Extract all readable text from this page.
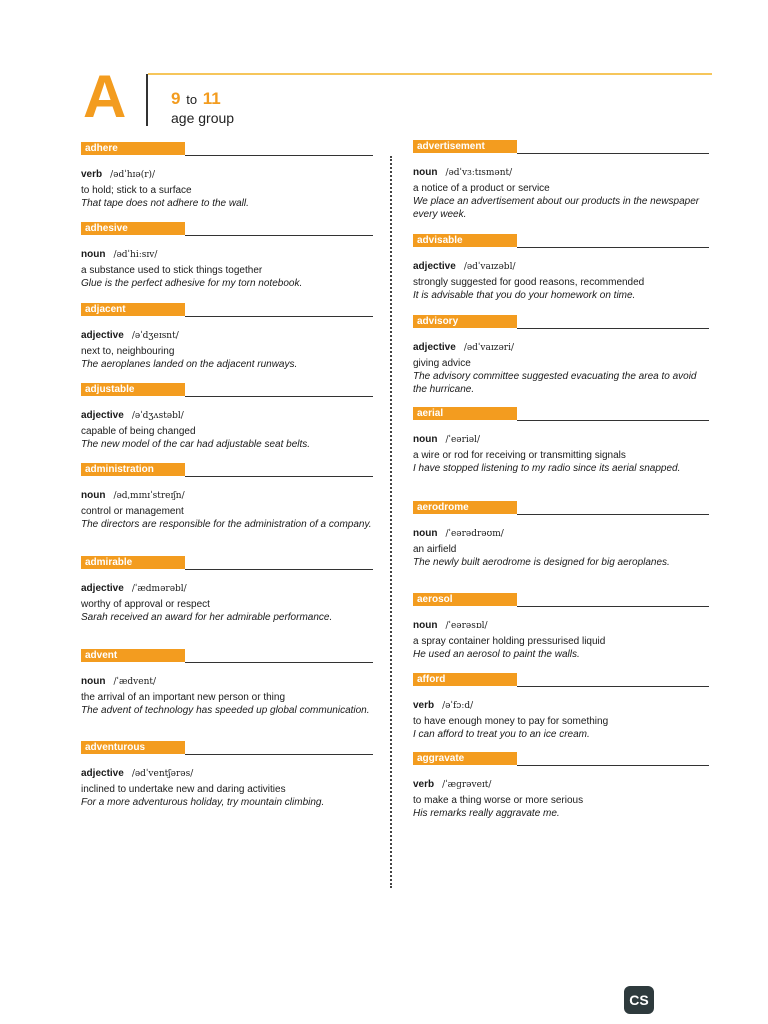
A	9 to 11
age group
adhere
verb /ədˈhɪə(r)/
to hold; stick to a surface
That tape does not adhere to the wall.
adhesive
noun /ədˈhiːsɪv/
a substance used to stick things together
Glue is the perfect adhesive for my torn notebook.
adjacent
adjective /əˈdʒeɪsnt/
next to, neighbouring
The aeroplanes landed on the adjacent runways.
adjustable
adjective /əˈdʒʌstəbl/
capable of being changed
The new model of the car had adjustable seat belts.
administration
noun /ədˌmɪnɪˈstreɪʃn/
control or management
The directors are responsible for the administration of a company.
admirable
adjective /ˈædmərəbl/
worthy of approval or respect
Sarah received an award for her admirable performance.
advent
noun /ˈædvent/
the arrival of an important new person or thing
The advent of technology has speeded up global communication.
adventurous
adjective /ədˈventʃərəs/
inclined to undertake new and daring activities
For a more adventurous holiday, try mountain climbing.
advertisement
noun /ədˈvɜːtɪsmənt/
a notice of a product or service
We place an advertisement about our products in the newspaper every week.
advisable
adjective /ədˈvaɪzəbl/
strongly suggested for good reasons, recommended
It is advisable that you do your homework on time.
advisory
adjective /ədˈvaɪzəri/
giving advice
The advisory committee suggested evacuating the area to avoid the hurricane.
aerial
noun /ˈeəriəl/
a wire or rod for receiving or transmitting signals
I have stopped listening to my radio since its aerial snapped.
aerodrome
noun /ˈeərədrəʊm/
an airfield
The newly built aerodrome is designed for big aeroplanes.
aerosol
noun /ˈeərəsɒl/
a spray container holding pressurised liquid
He used an aerosol to paint the walls.
afford
verb /əˈfɔːd/
to have enough money to pay for something
I can afford to treat you to an ice cream.
aggravate
verb /ˈæɡrəveɪt/
to make a thing worse or more serious
His remarks really aggravate me.
CS
